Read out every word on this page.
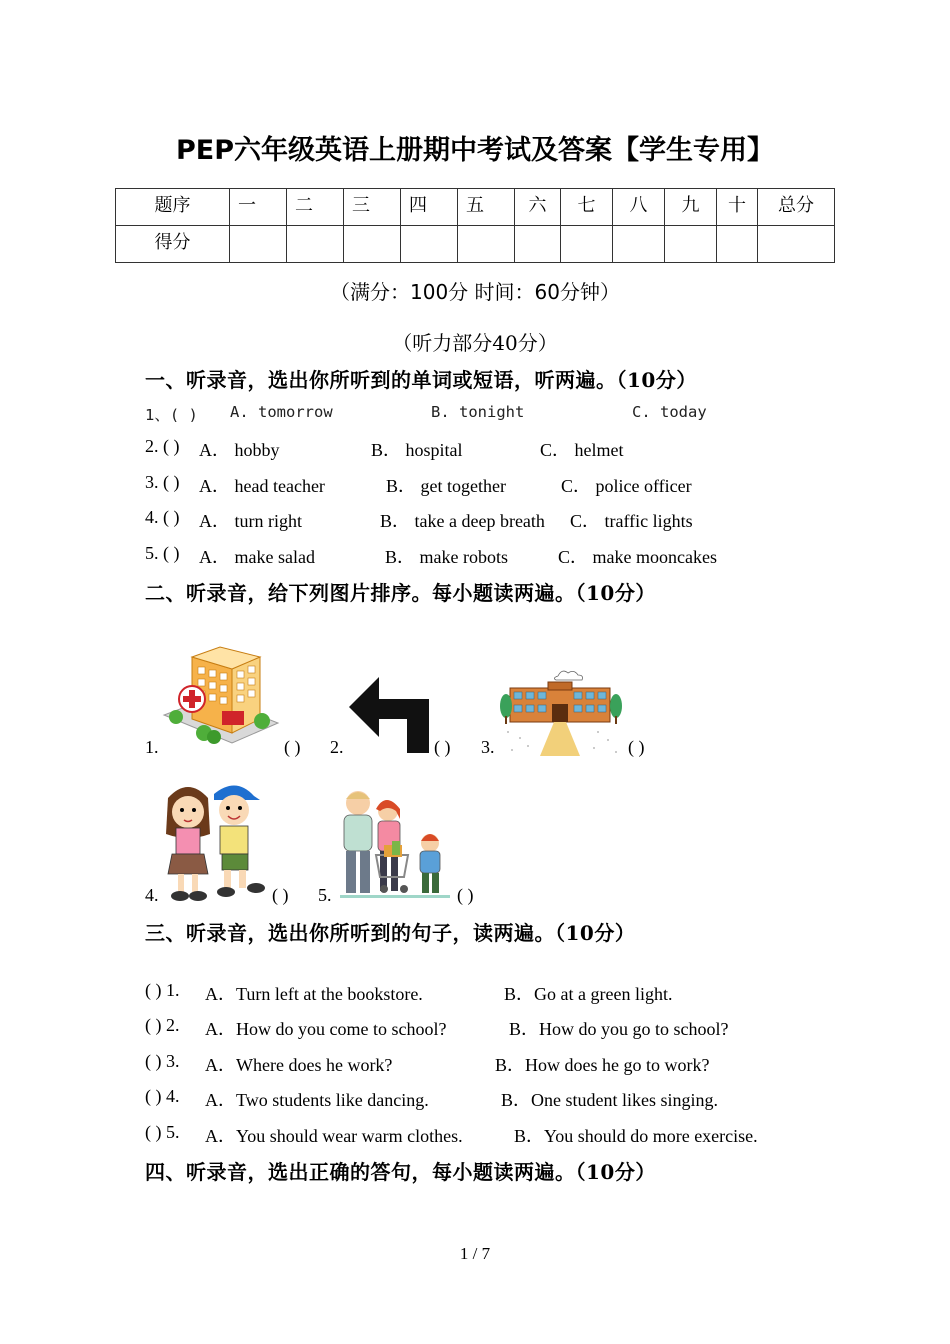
PEP六年级英语上册期中考试及答案【学生专用】
题序	一	二	三	四	五	六	七	八	九	十	总分

得分											

（满分：100分 时间：60分钟）
（听力部分40分）
一、听录音，选出你所听到的单词或短语，听两遍。（10分）
1、( ) A. tomorrow	B. tonight	C. today
2. ( ) A． hobby	B． hospital	C． helmet
3. ( ) A． head teacher	B． get together	C． police officer
4. ( ) A． turn right	B． take a deep breath C． traffic lights
5. ( ) A． make salad	B． make robots	C． make mooncakes
二、听录音，给下列图片排序。每小题读两遍。（10分）
1.	( ) 2.	( ) 3.	( )
4.	( ) 5.	( )
三、听录音，选出你所听到的句子，读两遍。（10分）
( ) 1. A．Turn left at the bookstore.	B．Go at a green light.
( ) 2. A．How do you come to school?	B．How do you go to school?
( ) 3. A．Where does he work?	B．How does he go to work?
( ) 4. A．Two students like dancing.	B．One student likes singing.
( ) 5. A．You should wear warm clothes.	B．You should do more exercise.
四、听录音，选出正确的答句，每小题读两遍。（10分）
1 / 7
